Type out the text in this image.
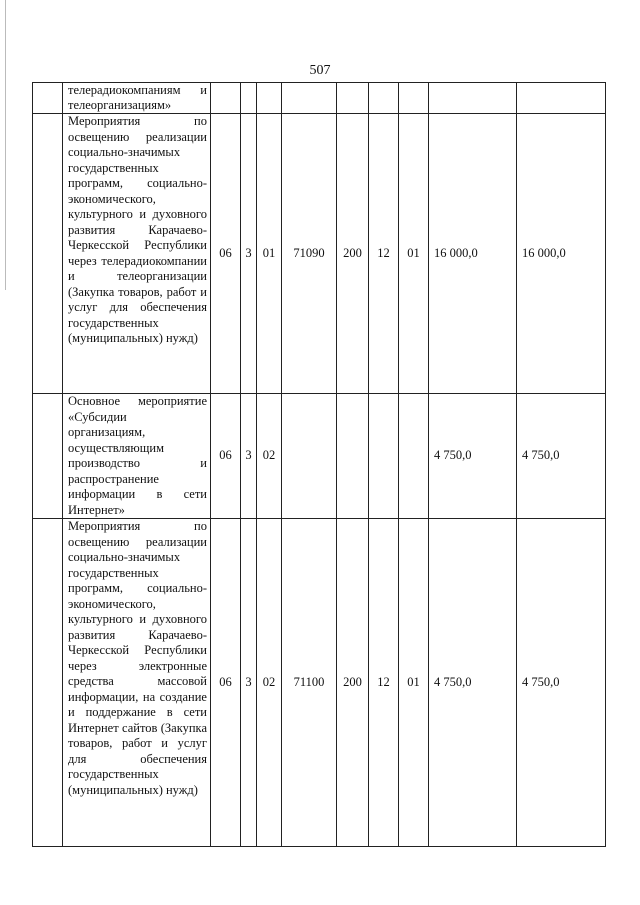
507
	телерадиокомпаниям и телеорганизациям»									
	Мероприятия по освещению реализации социально-значимых государственных программ, социально-экономического, культурного и духовного развития Карачаево-Черкесской Республики через телерадиокомпании и телеорганизации (Закупка товаров, работ и услуг для обеспечения государственных (муниципальных) нужд)	06	3	01	71090	200	12	01	16 000,0	16 000,0
	Основное мероприятие «Субсидии организациям, осуществляющим производство и распространение информации в сети Интернет»	06	3	02					4 750,0	4 750,0
	Мероприятия по освещению реализации социально-значимых государственных программ, социально-экономического, культурного и духовного развития Карачаево-Черкесской Республики через электронные средства массовой информации, на создание и поддержание в сети Интернет сайтов (Закупка товаров, работ и услуг для обеспечения государственных (муниципальных) нужд)	06	3	02	71100	200	12	01	4 750,0	4 750,0
